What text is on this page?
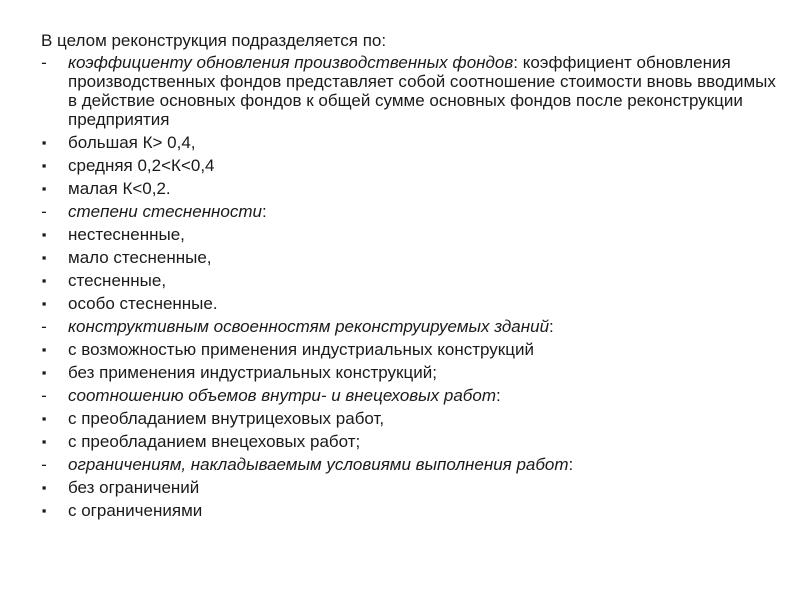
В целом реконструкция подразделяется по:
-	коэффициенту обновления производственных фондов: коэффициент обновления производственных фондов представляет собой соотношение стоимости вновь вводимых в действие основных фондов к общей сумме основных фондов после реконструкции предприятия
▪	большая К> 0,4,
▪	средняя 0,2<К<0,4
▪	малая К<0,2.
-	степени стесненности:
▪	нестесненные,
▪	мало стесненные,
▪	стесненные,
▪	особо стесненные.
-	конструктивным освоенностям реконструируемых зданий:
▪	с возможностью применения индустриальных конструкций
▪	без применения индустриальных конструкций;
-	соотношению объемов внутри- и внецеховых работ:
▪	с преобладанием внутрицеховых работ,
▪	с преобладанием внецеховых работ;
-	ограничениям, накладываемым условиями выполнения работ:
▪	без ограничений
▪	с ограничениями
